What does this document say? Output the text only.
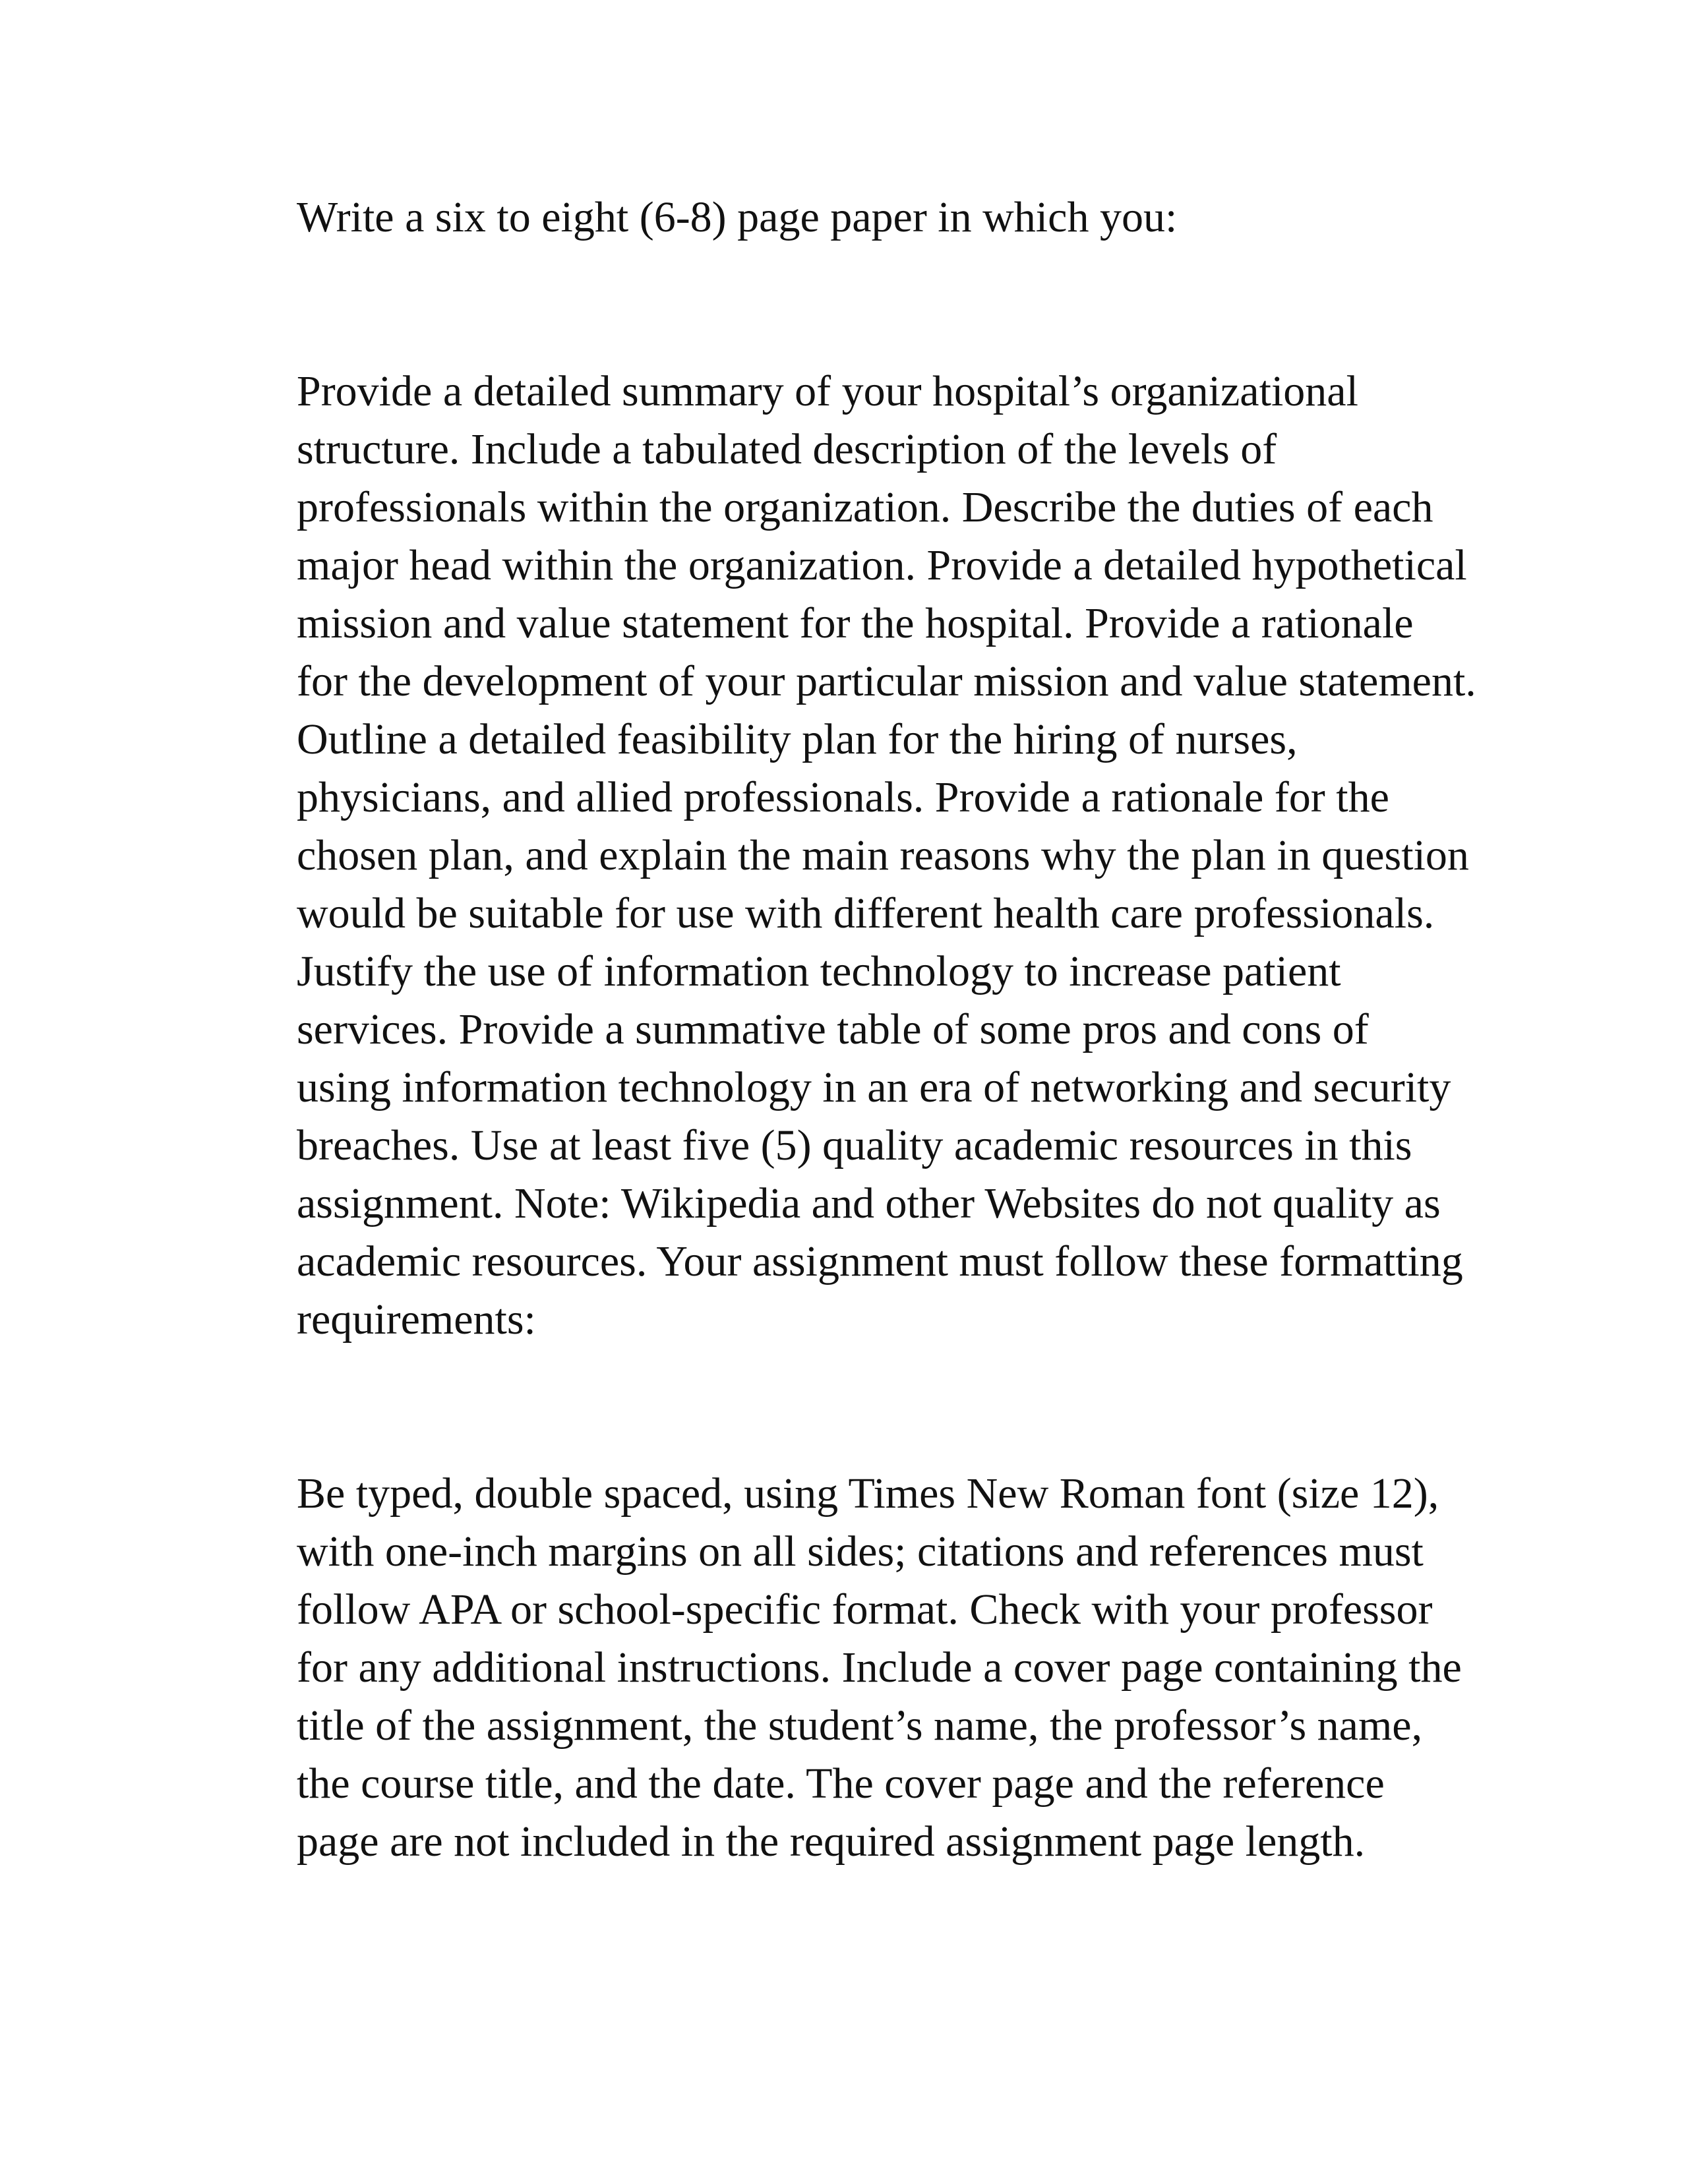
Write a six to eight (6-8) page paper in which you:

Provide a detailed summary of your hospital’s organizational

structure. Include a tabulated description of the levels of

professionals within the organization. Describe the duties of each

major head within the organization. Provide a detailed hypothetical

mission and value statement for the hospital. Provide a rationale

for the development of your particular mission and value statement.

Outline a detailed feasibility plan for the hiring of nurses,

physicians, and allied professionals. Provide a rationale for the

chosen plan, and explain the main reasons why the plan in question

would be suitable for use with different health care professionals.

Justify the use of information technology to increase patient

services. Provide a summative table of some pros and cons of

using information technology in an era of networking and security

breaches. Use at least five (5) quality academic resources in this

assignment. Note: Wikipedia and other Websites do not quality as

academic resources. Your assignment must follow these formatting

requirements:

Be typed, double spaced, using Times New Roman font (size 12),

with one-inch margins on all sides; citations and references must

follow APA or school-specific format. Check with your professor

for any additional instructions. Include a cover page containing the

title of the assignment, the student’s name, the professor’s name,

the course title, and the date. The cover page and the reference

page are not included in the required assignment page length.
